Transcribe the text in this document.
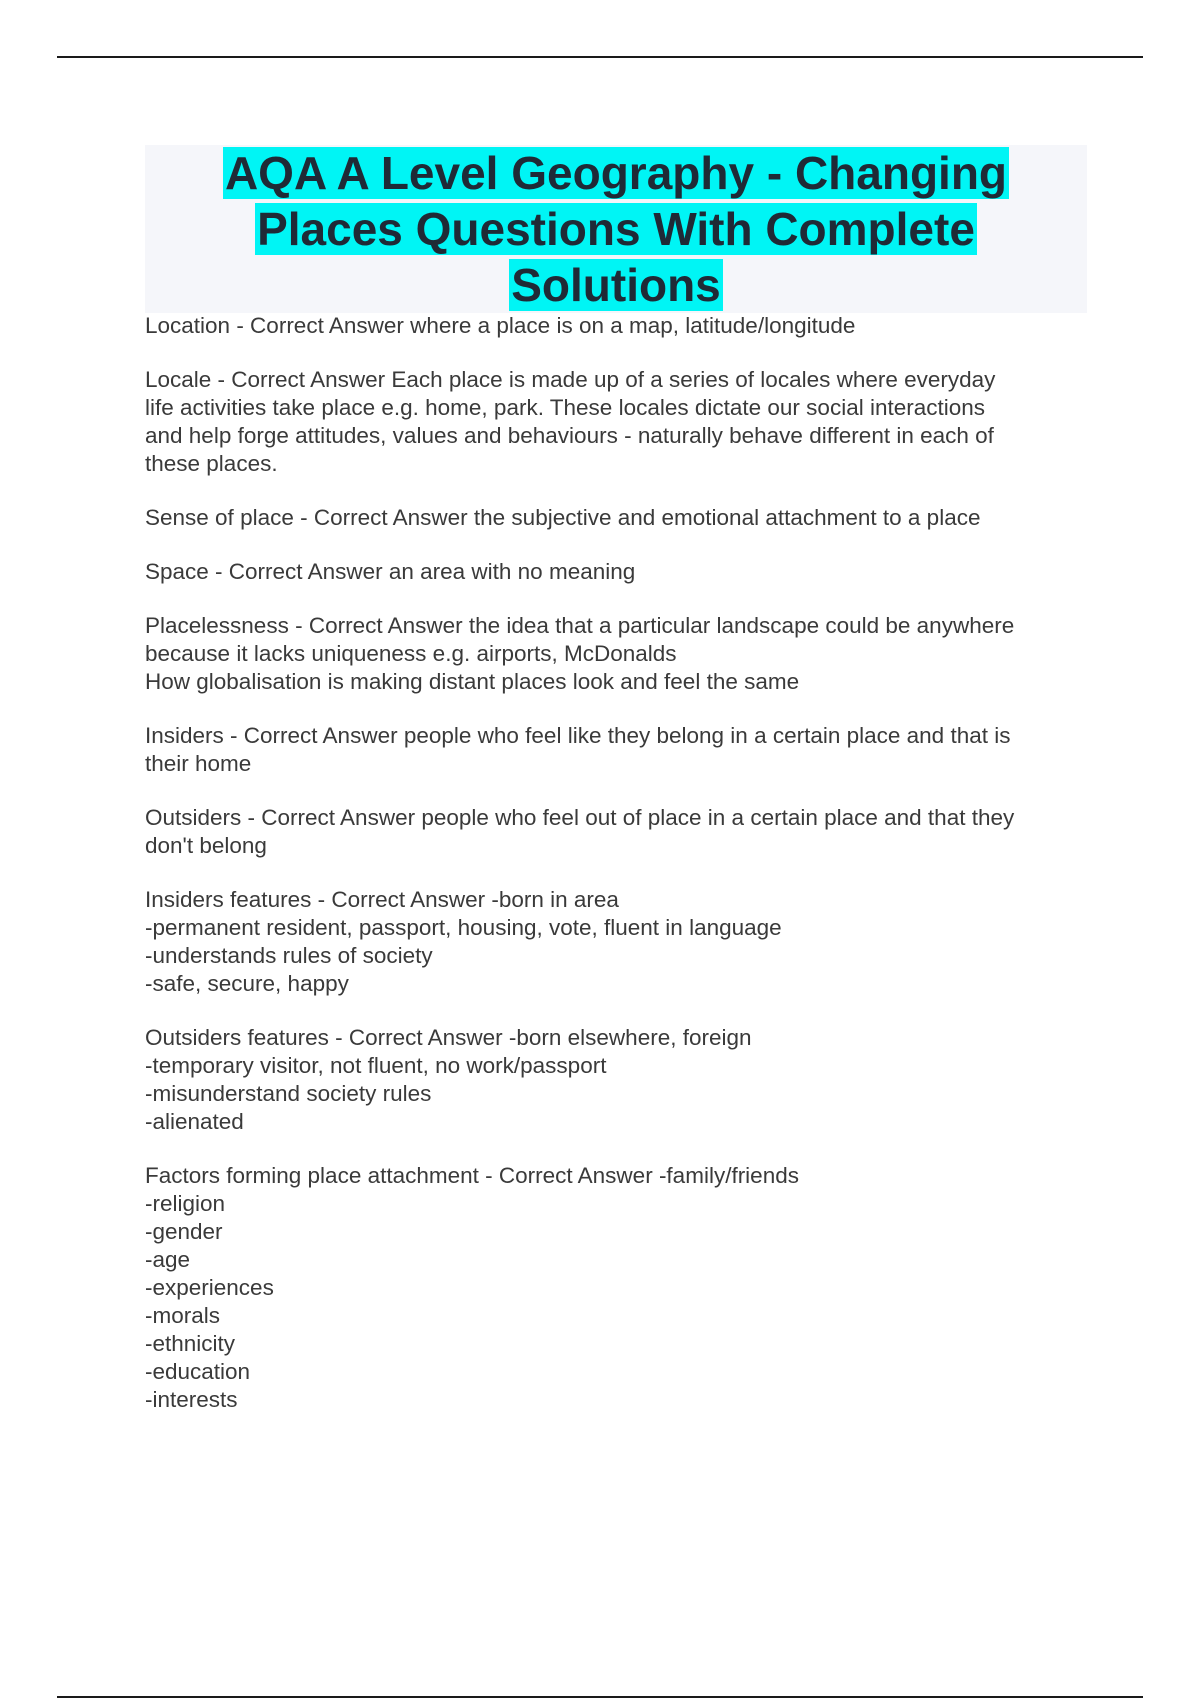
AQA A Level Geography - Changing
Places Questions With Complete
Solutions
Location - Correct Answer where a place is on a map, latitude/longitude
Locale - Correct Answer Each place is made up of a series of locales where everyday
life activities take place e.g. home, park. These locales dictate our social interactions
and help forge attitudes, values and behaviours - naturally behave different in each of
these places.
Sense of place - Correct Answer the subjective and emotional attachment to a place
Space - Correct Answer an area with no meaning
Placelessness - Correct Answer the idea that a particular landscape could be anywhere
because it lacks uniqueness e.g. airports, McDonalds
How globalisation is making distant places look and feel the same
Insiders - Correct Answer people who feel like they belong in a certain place and that is
their home
Outsiders - Correct Answer people who feel out of place in a certain place and that they
don't belong
Insiders features - Correct Answer -born in area
-permanent resident, passport, housing, vote, fluent in language
-understands rules of society
-safe, secure, happy
Outsiders features - Correct Answer -born elsewhere, foreign
-temporary visitor, not fluent, no work/passport
-misunderstand society rules
-alienated
Factors forming place attachment - Correct Answer -family/friends
-religion
-gender
-age
-experiences
-morals
-ethnicity
-education
-interests
